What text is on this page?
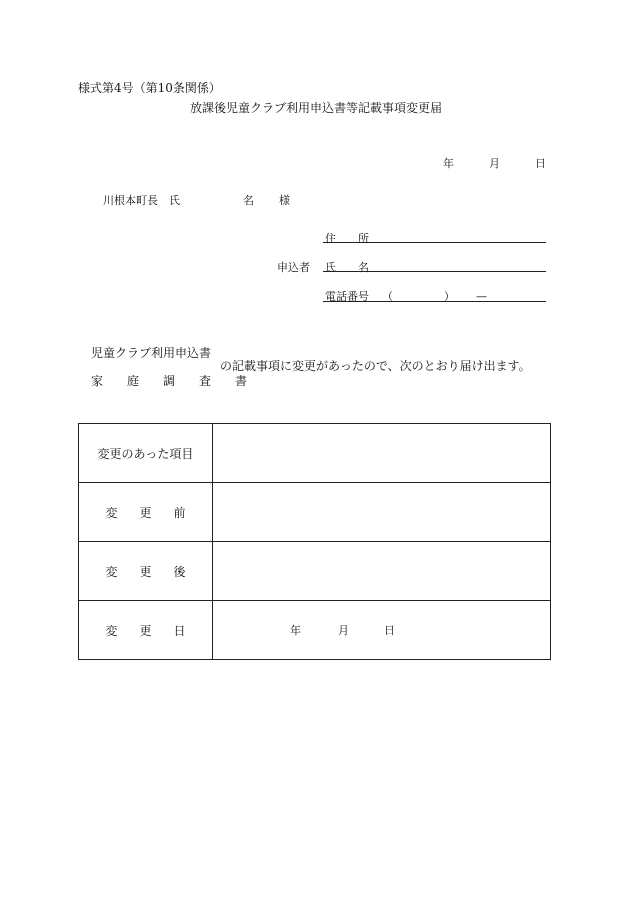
様式第4号（第10条関係）
放課後児童クラブ利用申込書等記載事項変更届
年	月	日
川根本町長　氏	名 様
住　　所
申込者 氏　　名
電話番号 （	） —
児童クラブ利用申込書
家庭調査書
の記載事項に変更があったので、次のとおり届け出ます。
変更のあった項目	
変更前	
変更後	
変更日	年 月 日
